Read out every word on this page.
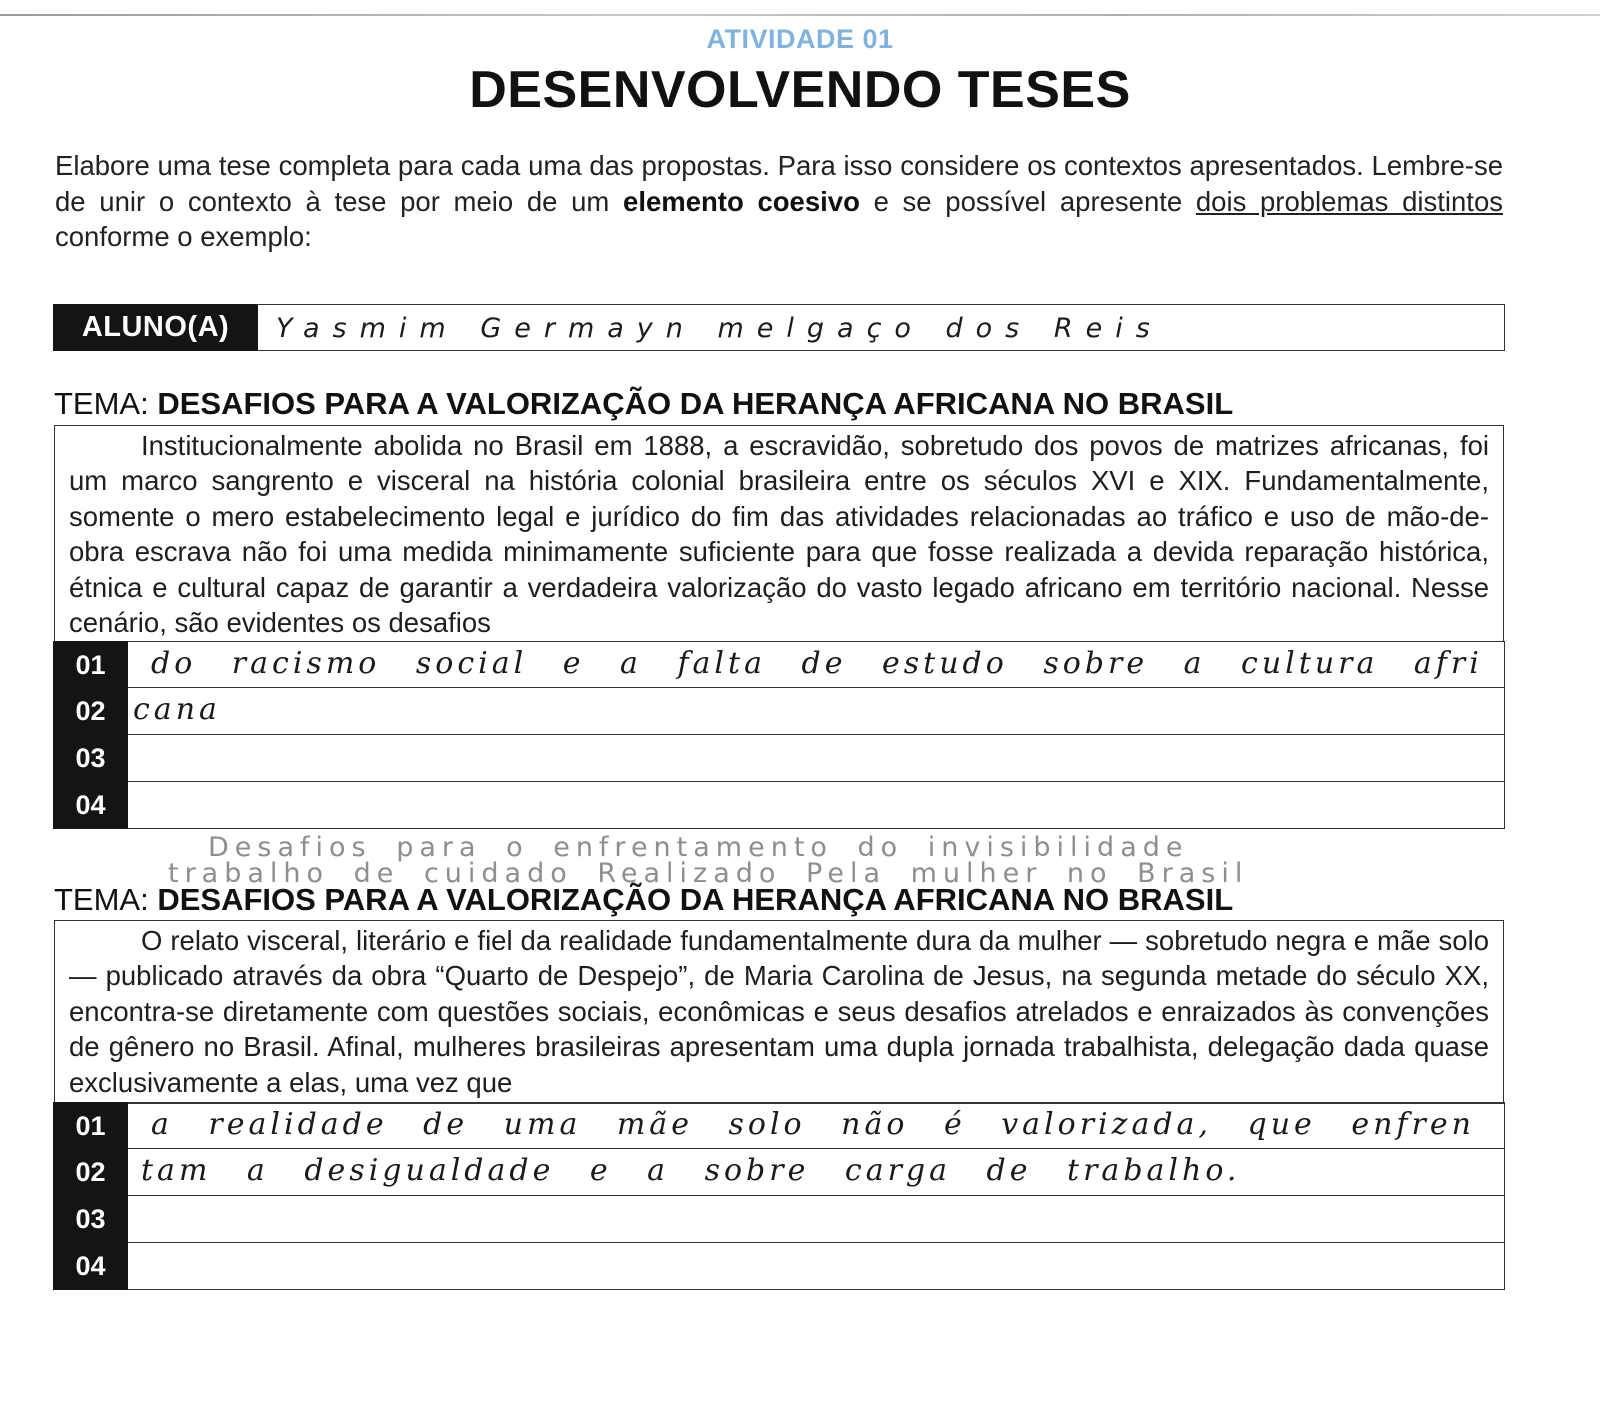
ATIVIDADE 01
DESENVOLVENDO TESES
Elabore uma tese completa para cada uma das propostas. Para isso considere os contextos apresentados. Lembre-se de unir o contexto à tese por meio de um elemento coesivo e se possível apresente dois problemas distintos conforme o exemplo:
ALUNO(A)	Yasmim Germayn melgaço dos Reis
TEMA: DESAFIOS PARA A VALORIZAÇÃO DA HERANÇA AFRICANA NO BRASIL
Institucionalmente abolida no Brasil em 1888, a escravidão, sobretudo dos povos de matrizes africanas, foi um marco sangrento e visceral na história colonial brasileira entre os séculos XVI e XIX. Fundamentalmente, somente o mero estabelecimento legal e jurídico do fim das atividades relacionadas ao tráfico e uso de mão-de-obra escrava não foi uma medida minimamente suficiente para que fosse realizada a devida reparação histórica, étnica e cultural capaz de garantir a verdadeira valorização do vasto legado africano em território nacional. Nesse cenário, são evidentes os desafios
01	do racismo social e a falta de estudo sobre a cultura afri
02 cana
03
04
Desafios para o enfrentamento do invisibilidade
trabalho de cuidado Realizado Pela mulher no Brasil
TEMA: DESAFIOS PARA A VALORIZAÇÃO DA HERANÇA AFRICANA NO BRASIL
O relato visceral, literário e fiel da realidade fundamentalmente dura da mulher — sobretudo negra e mãe solo — publicado através da obra “Quarto de Despejo”, de Maria Carolina de Jesus, na segunda metade do século XX, encontra-se diretamente com questões sociais, econômicas e seus desafios atrelados e enraizados às convenções de gênero no Brasil. Afinal, mulheres brasileiras apresentam uma dupla jornada trabalhista, delegação dada quase exclusivamente a elas, uma vez que
01	a realidade de uma mãe solo não é valorizada, que enfren
02	tam a desigualdade e a sobre carga de trabalho.
03
04
